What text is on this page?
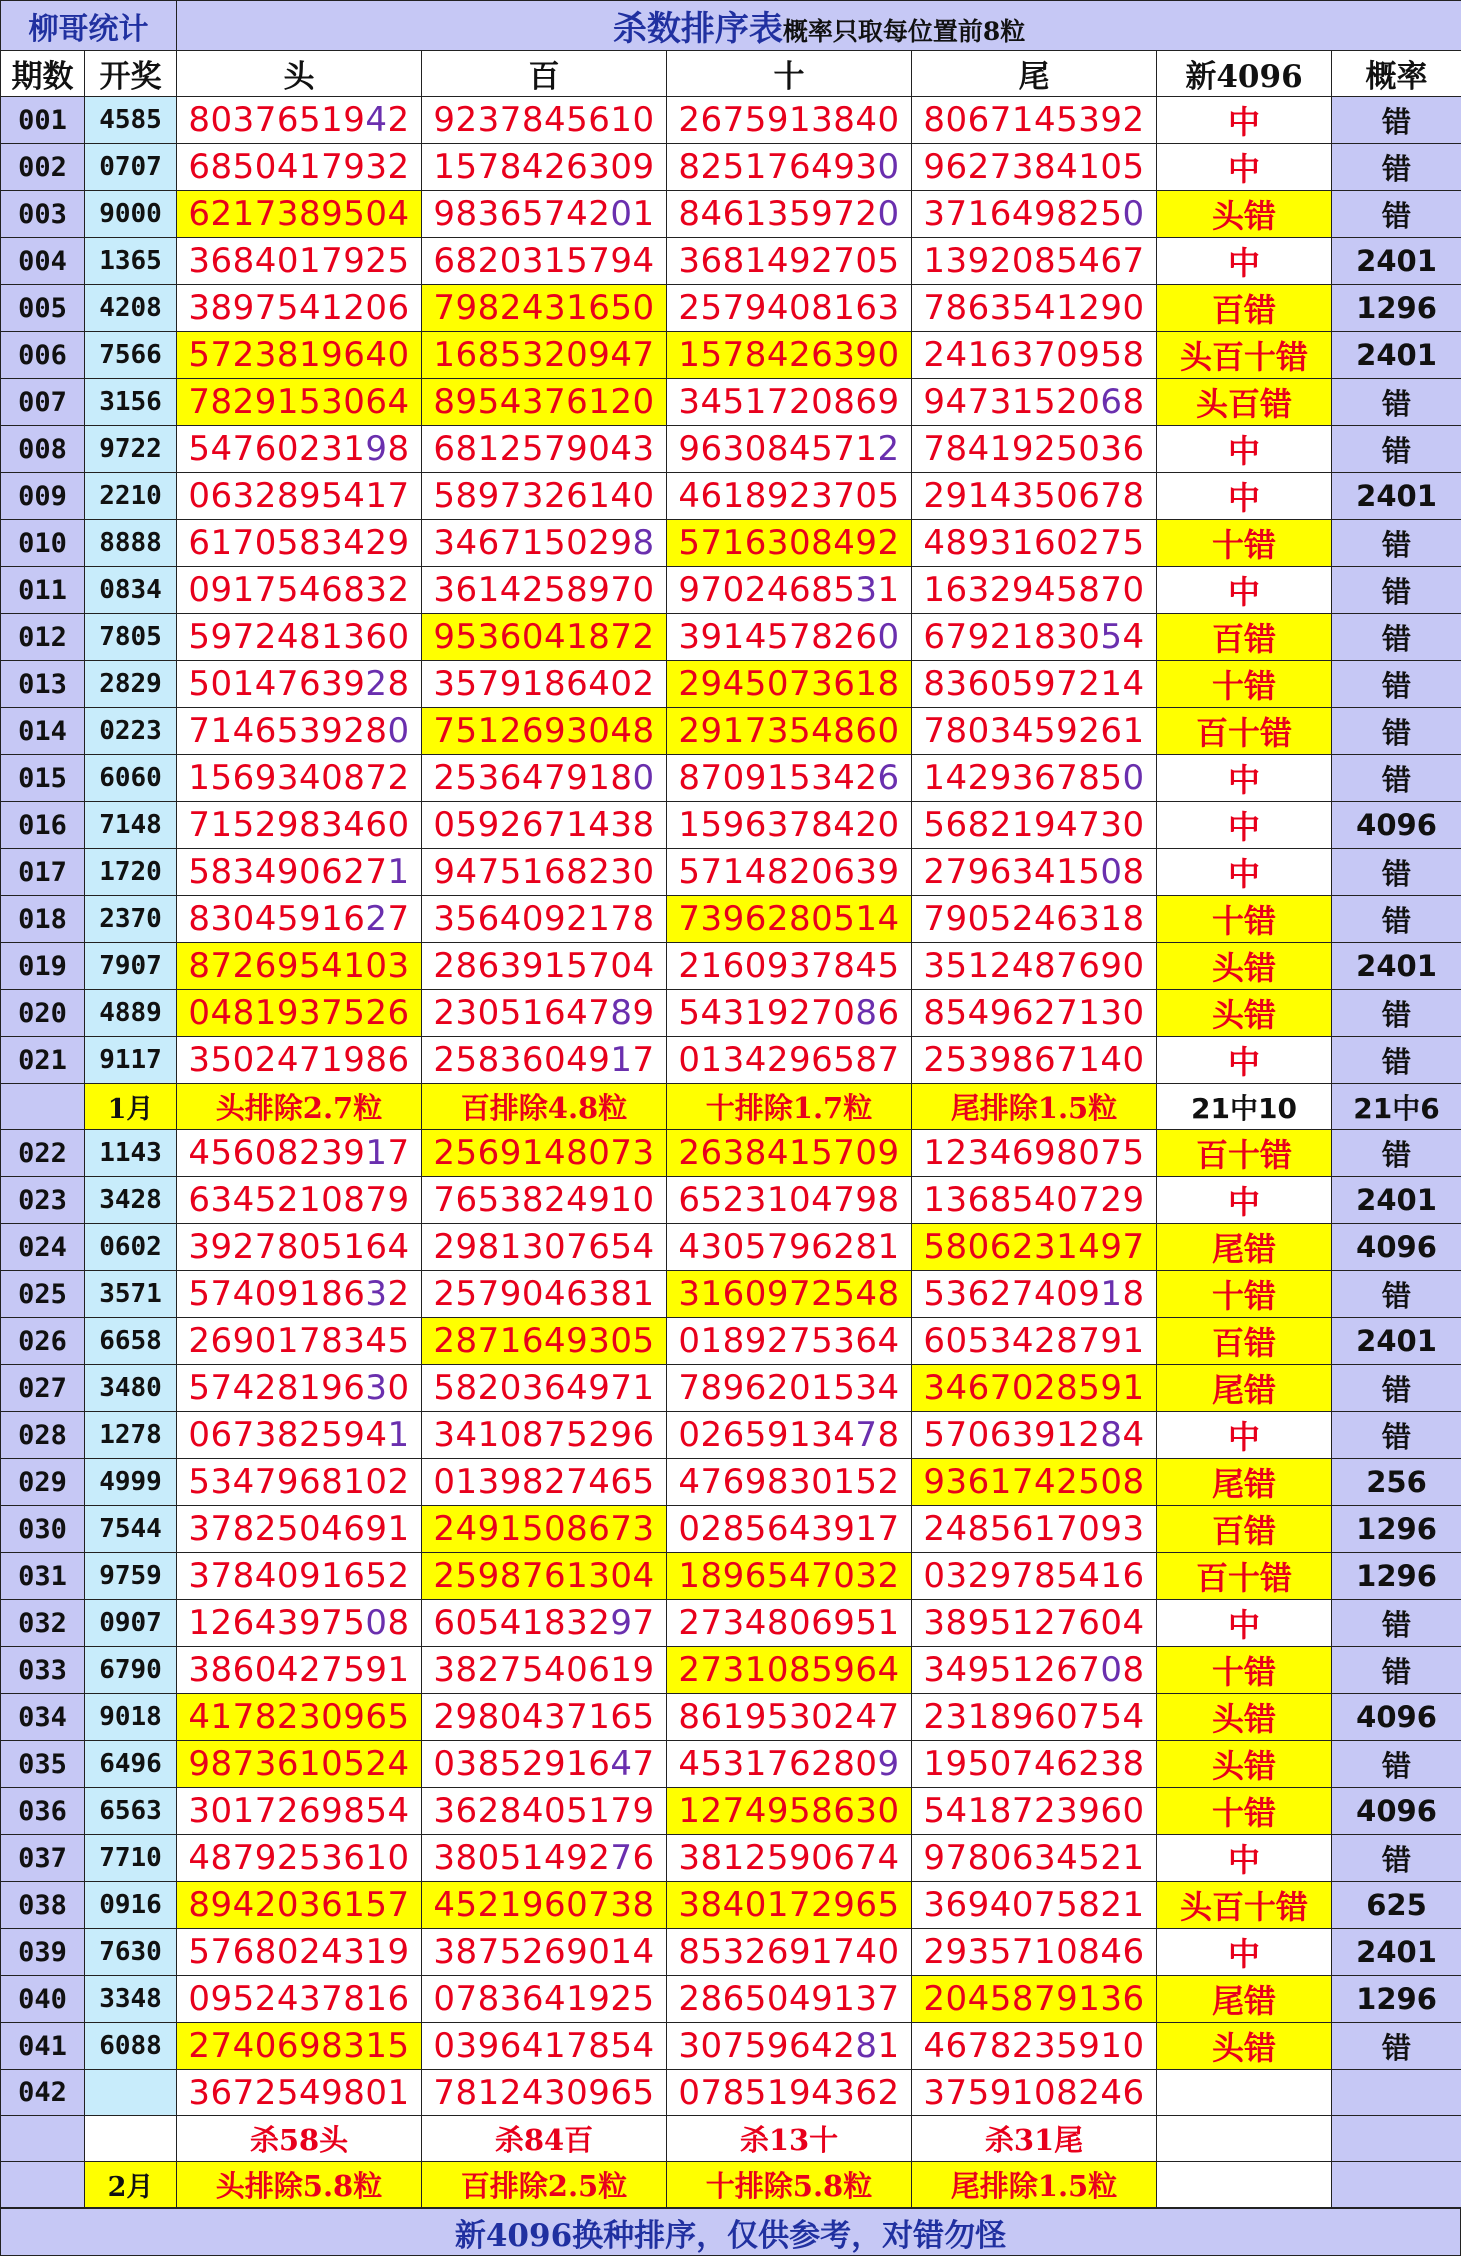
柳哥统计		杀数排序表概率只取每位置前8粒					
期数	开奖	头	百	十	尾	新4096	概率
001	4585	8037651942	9237845610	2675913840	8067145392	中	错
002	0707	6850417932	1578426309	8251764930	9627384105	中	错
003	9000	6217389504	9836574201	8461359720	3716498250	头错	错
004	1365	3684017925	6820315794	3681492705	1392085467	中	2401
005	4208	3897541206	7982431650	2579408163	7863541290	百错	1296
006	7566	5723819640	1685320947	1578426390	2416370958	头百十错	2401
007	3156	7829153064	8954376120	3451720869	9473152068	头百错	错
008	9722	5476023198	6812579043	9630845712	7841925036	中	错
009	2210	0632895417	5897326140	4618923705	2914350678	中	2401
010	8888	6170583429	3467150298	5716308492	4893160275	十错	错
011	0834	0917546832	3614258970	9702468531	1632945870	中	错
012	7805	5972481360	9536041872	3914578260	6792183054	百错	错
013	2829	5014763928	3579186402	2945073618	8360597214	十错	错
014	0223	7146539280	7512693048	2917354860	7803459261	百十错	错
015	6060	1569340872	2536479180	8709153426	1429367850	中	错
016	7148	7152983460	0592671438	1596378420	5682194730	中	4096
017	1720	5834906271	9475168230	5714820639	2796341508	中	错
018	2370	8304591627	3564092178	7396280514	7905246318	十错	错
019	7907	8726954103	2863915704	2160937845	3512487690	头错	2401
020	4889	0481937526	2305164789	5431927086	8549627130	头错	错
021	9117	3502471986	2583604917	0134296587	2539867140	中	错
	1月	头排除2.7粒	百排除4.8粒	十排除1.7粒	尾排除1.5粒	21中10	21中6
022	1143	4560823917	2569148073	2638415709	1234698075	百十错	错
023	3428	6345210879	7653824910	6523104798	1368540729	中	2401
024	0602	3927805164	2981307654	4305796281	5806231497	尾错	4096
025	3571	5740918632	2579046381	3160972548	5362740918	十错	错
026	6658	2690178345	2871649305	0189275364	6053428791	百错	2401
027	3480	5742819630	5820364971	7896201534	3467028591	尾错	错
028	1278	0673825941	3410875296	0265913478	5706391284	中	错
029	4999	5347968102	0139827465	4769830152	9361742508	尾错	256
030	7544	3782504691	2491508673	0285643917	2485617093	百错	1296
031	9759	3784091652	2598761304	1896547032	0329785416	百十错	1296
032	0907	1264397508	6054183297	2734806951	3895127604	中	错
033	6790	3860427591	3827540619	2731085964	3495126708	十错	错
034	9018	4178230965	2980437165	8619530247	2318960754	头错	4096
035	6496	9873610524	0385291647	4531762809	1950746238	头错	错
036	6563	3017269854	3628405179	1274958630	5418723960	十错	4096
037	7710	4879253610	3805149276	3812590674	9780634521	中	错
038	0916	8942036157	4521960738	3840172965	3694075821	头百十错	625
039	7630	5768024319	3875269014	8532691740	2935710846	中	2401
040	3348	0952437816	0783641925	2865049137	2045879136	尾错	1296
041	6088	2740698315	0396417854	3075964281	4678235910	头错	错
042		3672549801	7812430965	0785194362	3759108246		
		杀58头	杀84百	杀13十	杀31尾		
	2月	头排除5.8粒	百排除2.5粒	十排除5.8粒	尾排除1.5粒		
新4096换种排序，仅供参考，对错勿怪
